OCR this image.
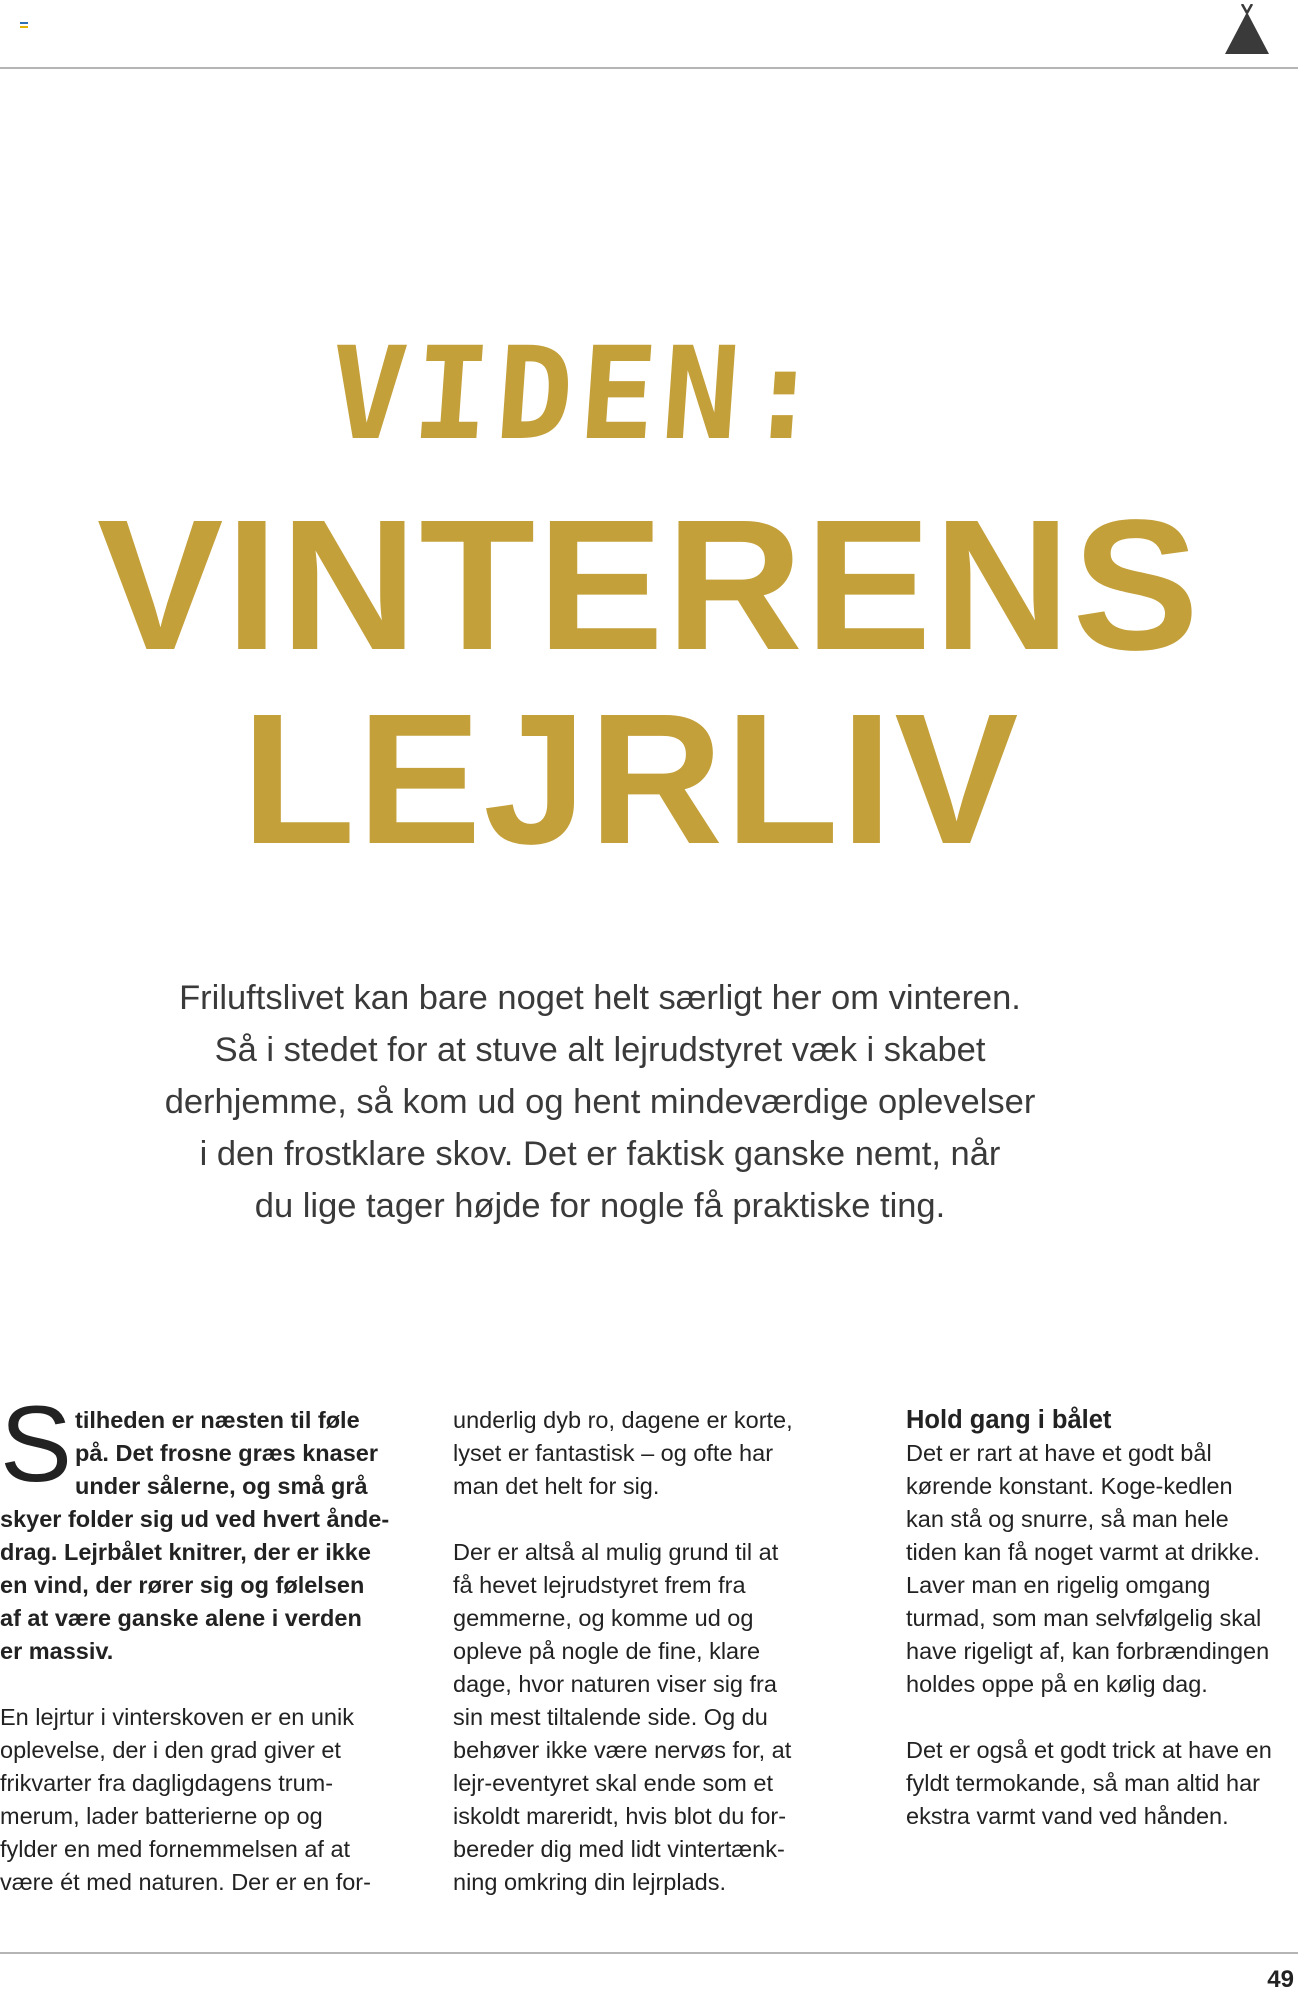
VIDEN:
VINTERENS
LEJRLIV
Friluftslivet kan bare noget helt særligt her om vinteren.
Så i stedet for at stuve alt lejrudstyret væk i skabet
derhjemme, så kom ud og hent mindeværdige oplevelser
i den frostklare skov. Det er faktisk ganske nemt, når
du lige tager højde for nogle få praktiske ting.
S tilheden er næsten til føle
på. Det frosne græs knaser
under sålerne, og små grå
skyer folder sig ud ved hvert ånde-
drag. Lejrbålet knitrer, der er ikke
en vind, der rører sig og følelsen
af at være ganske alene i verden
er massiv.
En lejrtur i vinterskoven er en unik
oplevelse, der i den grad giver et
frikvarter fra dagligdagens trum-
merum, lader batterierne op og
fylder en med fornemmelsen af at
være ét med naturen. Der er en for-
underlig dyb ro, dagene er korte,
lyset er fantastisk – og ofte har
man det helt for sig.
Der er altså al mulig grund til at
få hevet lejrudstyret frem fra
gemmerne, og komme ud og
opleve på nogle de fine, klare
dage, hvor naturen viser sig fra
sin mest tiltalende side. Og du
behøver ikke være nervøs for, at
lejr-eventyret skal ende som et
iskoldt mareridt, hvis blot du for-
bereder dig med lidt vintertænk-
ning omkring din lejrplads.
Hold gang i bålet
Det er rart at have et godt bål
kørende konstant. Koge-kedlen
kan stå og snurre, så man hele
tiden kan få noget varmt at drikke.
Laver man en rigelig omgang
turmad, som man selvfølgelig skal
have rigeligt af, kan forbrændingen
holdes oppe på en kølig dag.
Det er også et godt trick at have en
fyldt termokande, så man altid har
ekstra varmt vand ved hånden.
49
